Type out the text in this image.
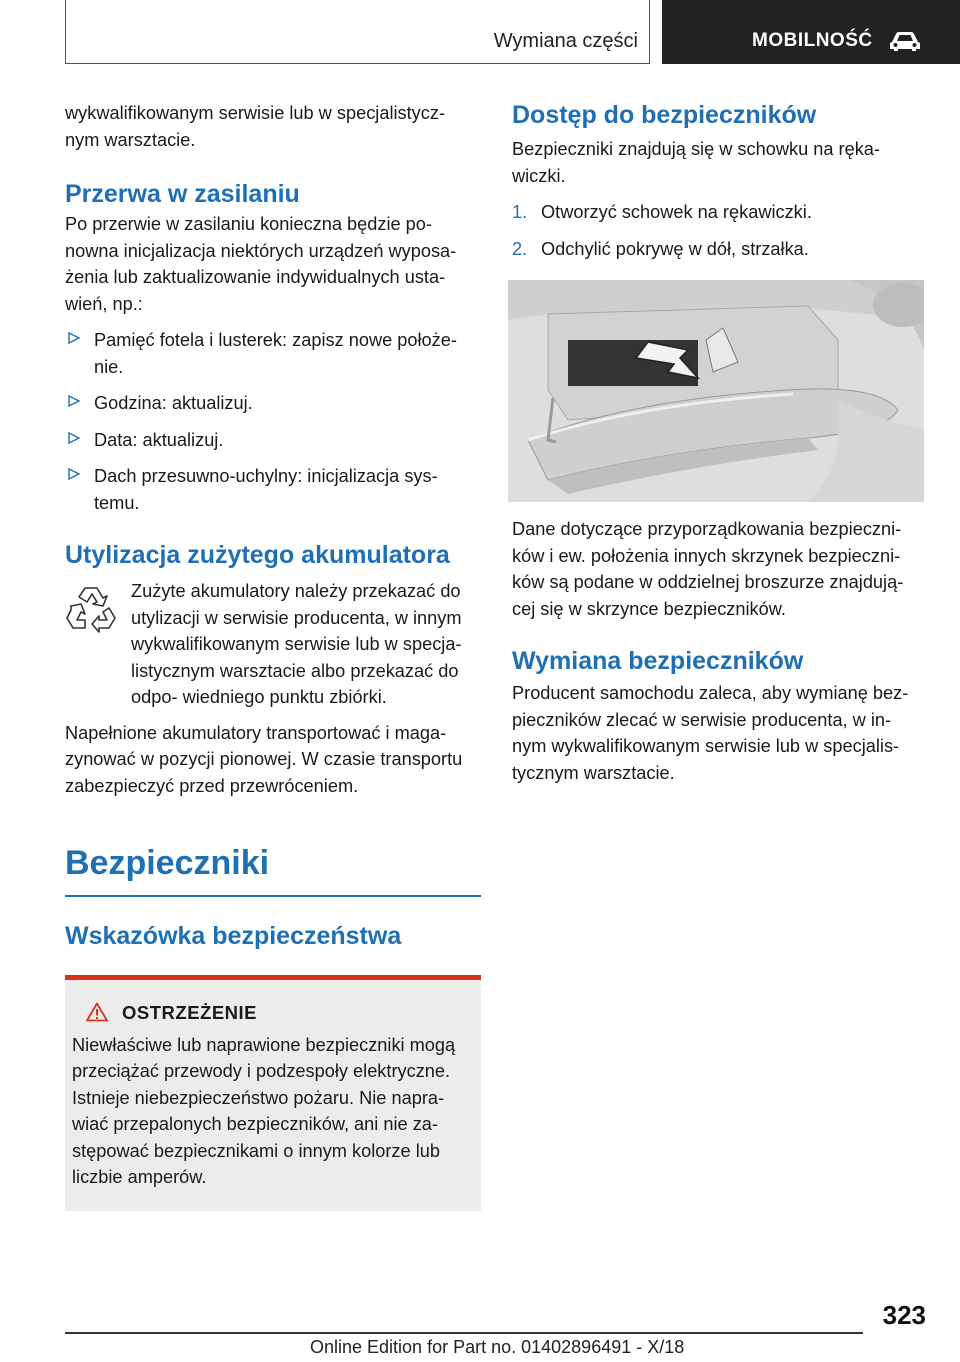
Wymiana części	MOBILNOŚĆ

wykwalifikowanym serwisie lub w specjalistycz- nym warsztacie.

Przerwa w zasilaniu

Po przerwie w zasilaniu konieczna będzie po- nowna inicjalizacja niektórych urządzeń wyposa- żenia lub zaktualizowanie indywidualnych usta- wień, np.:

Pamięć fotela i lusterek: zapisz nowe położe- nie.
Godzina: aktualizuj.
Data: aktualizuj.
Dach przesuwno-uchylny: inicjalizacja sys- temu.
Utylizacja zużytego akumulatora

Zużyte akumulatory należy przekazać do utylizacji w serwisie producenta, w innym wykwalifikowanym serwisie lub w specja- listycznym warsztacie albo przekazać do odpo- wiedniego punktu zbiórki.

Napełnione akumulatory transportować i maga- zynować w pozycji pionowej. W czasie transportu zabezpieczyć przed przewróceniem.

Bezpieczniki
Wskazówka bezpieczeństwa
OSTRZEŻENIE

Niewłaściwe lub naprawione bezpieczniki mogą przeciążać przewody i podzespoły elektryczne. Istnieje niebezpieczeństwo pożaru. Nie napra- wiać przepalonych bezpieczników, ani nie za- stępować bezpiecznikami o innym kolorze lub liczbie amperów.

Dostęp do bezpieczników

Bezpieczniki znajdują się w schowku na ręka- wiczki.

1. Otworzyć schowek na rękawiczki.
2. Odchylić pokrywę w dół, strzałka.

Dane dotyczące przyporządkowania bezpieczni- ków i ew. położenia innych skrzynek bezpieczni- ków są podane w oddzielnej broszurze znajdują- cej się w skrzynce bezpieczników.

Wymiana bezpieczników

Producent samochodu zaleca, aby wymianę bez- pieczników zlecać w serwisie producenta, w in- nym wykwalifikowanym serwisie lub w specjalis- tycznym warsztacie.

323
Online Edition for Part no. 01402896491 - X/18
